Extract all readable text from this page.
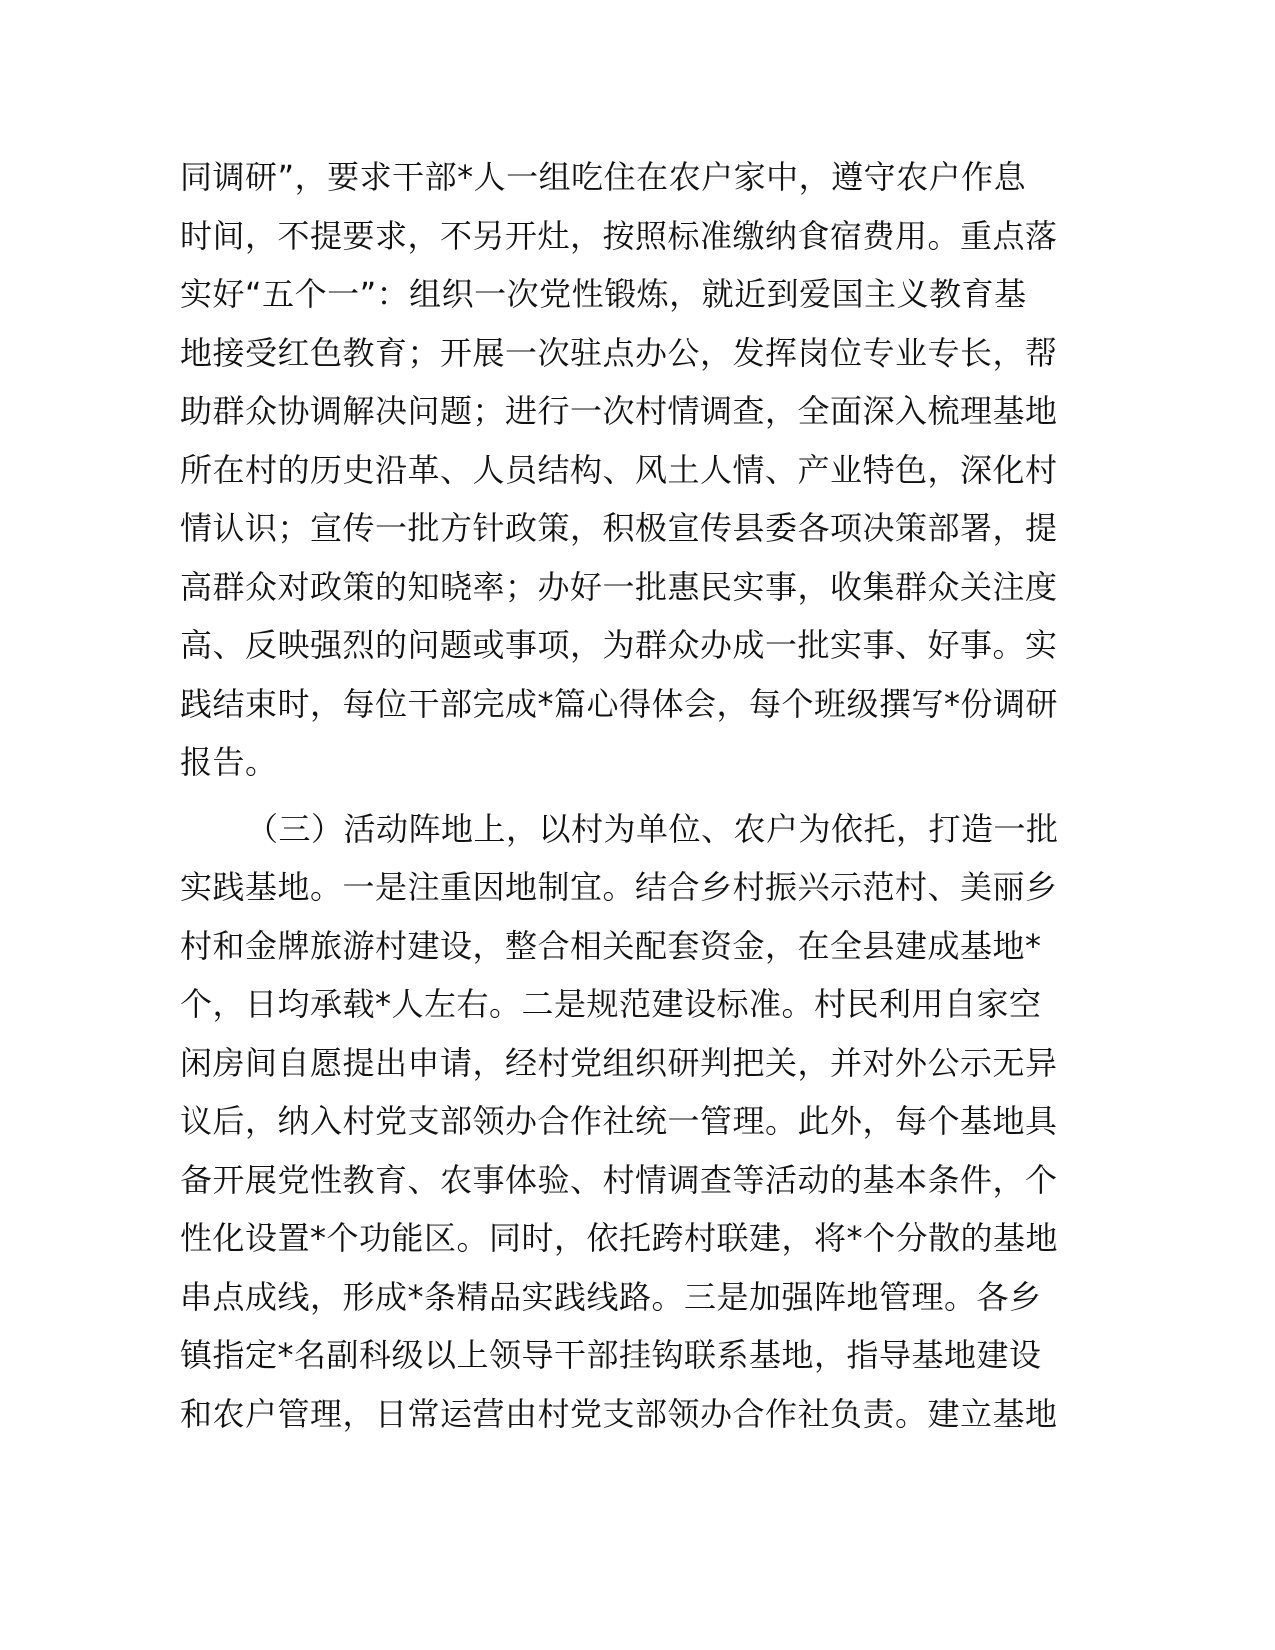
同调研”，要求干部*人一组吃住在农户家中，遵守农户作息
时间，不提要求，不另开灶，按照标准缴纳食宿费用。重点落
实好“五个一”：组织一次党性锻炼，就近到爱国主义教育基
地接受红色教育；开展一次驻点办公，发挥岗位专业专长，帮
助群众协调解决问题；进行一次村情调查，全面深入梳理基地
所在村的历史沿革、人员结构、风土人情、产业特色，深化村
情认识；宣传一批方针政策，积极宣传县委各项决策部署，提
高群众对政策的知晓率；办好一批惠民实事，收集群众关注度
高、反映强烈的问题或事项，为群众办成一批实事、好事。实
践结束时，每位干部完成*篇心得体会，每个班级撰写*份调研
报告。
（三）活动阵地上，以村为单位、农户为依托，打造一批
实践基地。一是注重因地制宜。结合乡村振兴示范村、美丽乡
村和金牌旅游村建设，整合相关配套资金，在全县建成基地*
个，日均承载*人左右。二是规范建设标准。村民利用自家空
闲房间自愿提出申请，经村党组织研判把关，并对外公示无异
议后，纳入村党支部领办合作社统一管理。此外，每个基地具
备开展党性教育、农事体验、村情调查等活动的基本条件，个
性化设置*个功能区。同时，依托跨村联建，将*个分散的基地
串点成线，形成*条精品实践线路。三是加强阵地管理。各乡
镇指定*名副科级以上领导干部挂钩联系基地，指导基地建设
和农户管理，日常运营由村党支部领办合作社负责。建立基地
